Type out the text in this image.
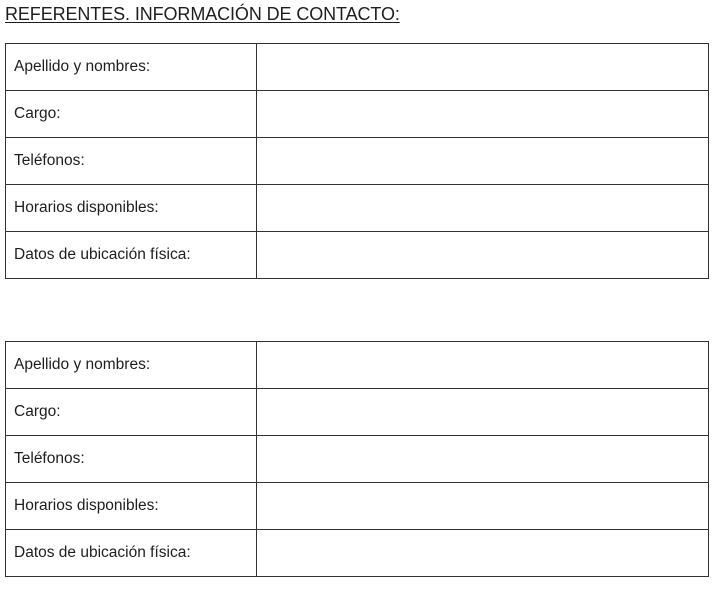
REFERENTES. INFORMACIÓN DE CONTACTO:
Apellido y nombres:	
Cargo:	
Teléfonos:	
Horarios disponibles:	
Datos de ubicación física:	
Apellido y nombres:	
Cargo:	
Teléfonos:	
Horarios disponibles:	
Datos de ubicación física:	
